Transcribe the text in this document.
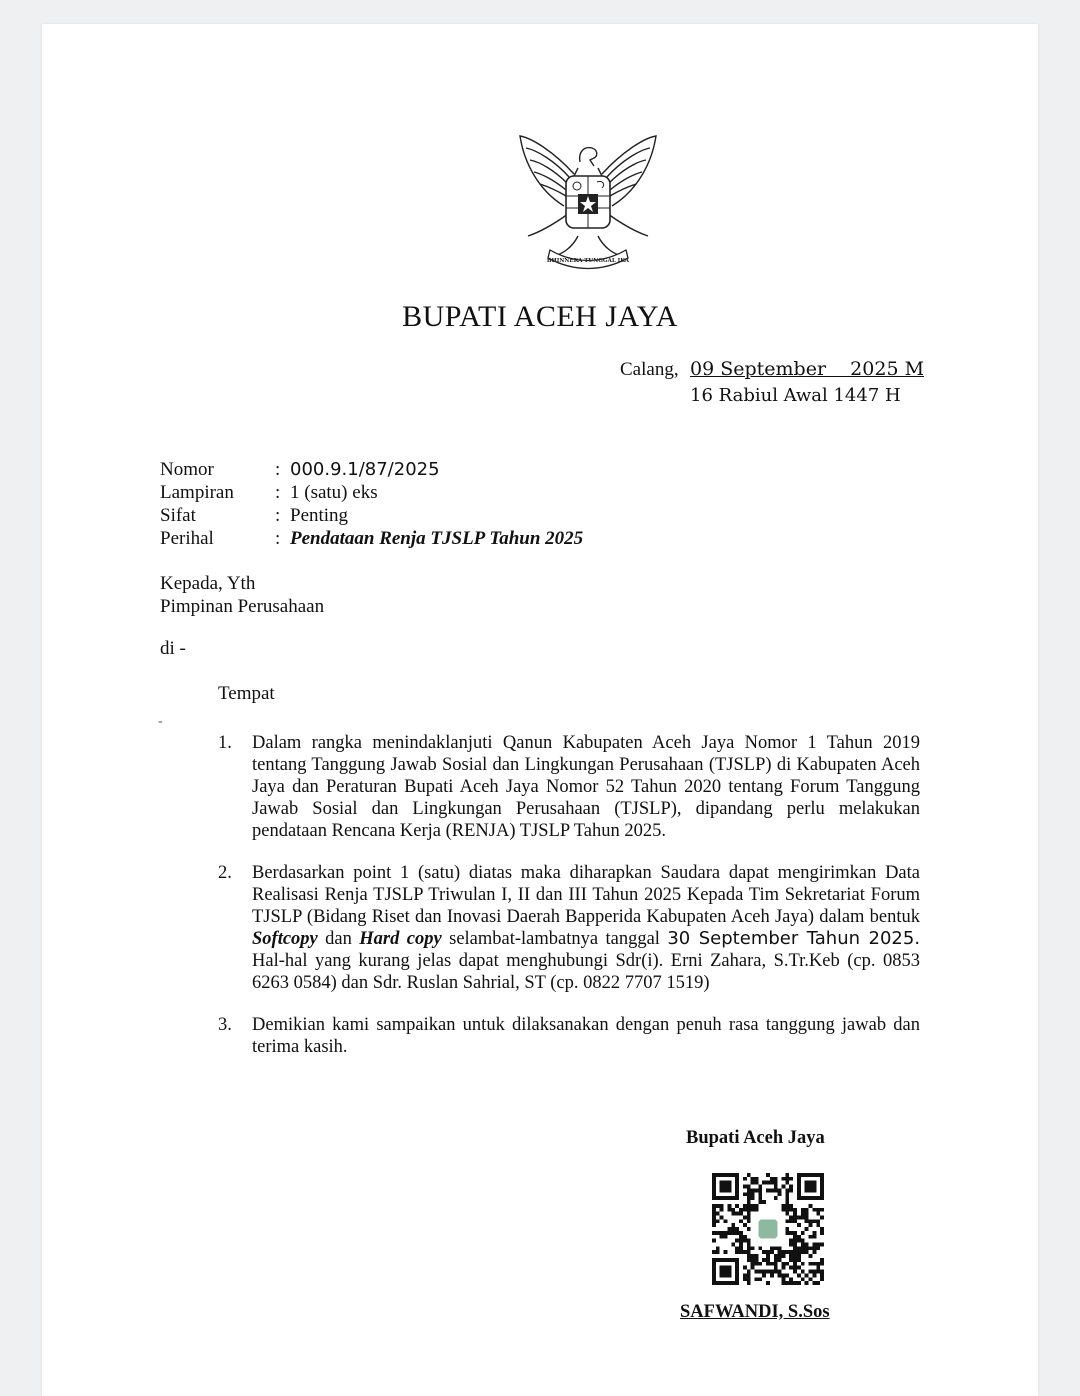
BHINNEKA TUNGGAL IKA
BUPATI ACEH JAYA
Calang, 09 September    2025 M
16 Rabiul Awal 1447 H
Nomor	: 000.9.1/87/2025
Lampiran	: 1 (satu) eks
Sifat	: Penting
Perihal	: Pendataan Renja TJSLP Tahun 2025
Kepada, Yth
Pimpinan Perusahaan
di -
Tempat
-
1.	Dalam rangka menindaklanjuti Qanun Kabupaten Aceh Jaya Nomor 1 Tahun 2019 tentang Tanggung Jawab Sosial dan Lingkungan Perusahaan (TJSLP) di Kabupaten Aceh Jaya dan Peraturan Bupati Aceh Jaya Nomor 52 Tahun 2020 tentang Forum Tanggung Jawab Sosial dan Lingkungan Perusahaan (TJSLP), dipandang perlu melakukan pendataan Rencana Kerja (RENJA) TJSLP Tahun 2025.
2.	Berdasarkan point 1 (satu) diatas maka diharapkan Saudara dapat mengirimkan Data Realisasi Renja TJSLP Triwulan I, II dan III Tahun 2025 Kepada Tim Sekretariat Forum TJSLP (Bidang Riset dan Inovasi Daerah Bapperida Kabupaten Aceh Jaya) dalam bentuk Softcopy dan Hard copy selambat-lambatnya tanggal 30 September Tahun 2025. Hal-hal yang kurang jelas dapat menghubungi Sdr(i). Erni Zahara, S.Tr.Keb (cp. 0853 6263 0584) dan Sdr. Ruslan Sahrial, ST (cp. 0822 7707 1519)
3.	Demikian kami sampaikan untuk dilaksanakan dengan penuh rasa tanggung jawab dan terima kasih.
Bupati Aceh Jaya
SAFWANDI, S.Sos
